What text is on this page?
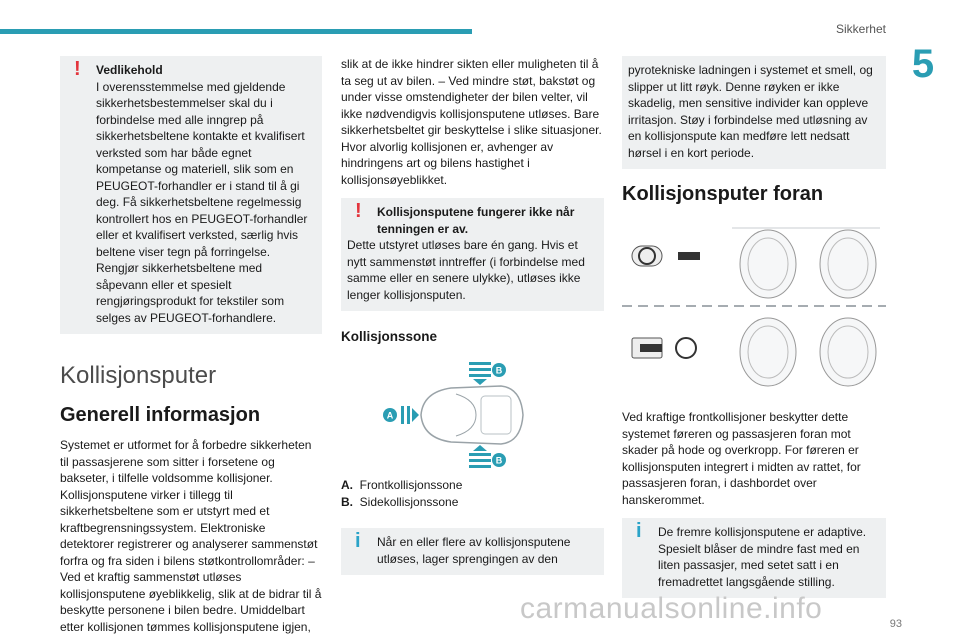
Sikkerhet
5
!	Vedlikehold
I overensstemmelse med gjeldende sikkerhetsbestemmelser skal du i forbindelse med alle inngrep på sikkerhetsbeltene kontakte et kvalifisert verksted som har både egnet kompetanse og materiell, slik som en PEUGEOT-forhandler er i stand til å gi deg. Få sikkerhetsbeltene regelmessig kontrollert hos en PEUGEOT-forhandler eller et kvalifisert verksted, særlig hvis beltene viser tegn på forringelse. Rengjør sikkerhetsbeltene med såpevann eller et spesielt rengjøringsprodukt for tekstiler som selges av PEUGEOT-forhandlere.
Kollisjonsputer
Generell informasjon

Systemet er utformet for å forbedre sikkerheten til passasjerene som sitter i forsetene og bakseter, i tilfelle voldsomme kollisjoner. Kollisjonsputene virker i tillegg til sikkerhetsbeltene som er utstyrt med et kraftbegrensningssystem. Elektroniske detektorer registrerer og analyserer sammenstøt forfra og fra siden i bilens støtkontrollområder: – Ved et kraftig sammenstøt utløses kollisjonsputene øyeblikkelig, slik at de bidrar til å beskytte personene i bilen bedre. Umiddelbart etter kollisjonen tømmes kollisjonsputene igjen,

slik at de ikke hindrer sikten eller muligheten til å ta seg ut av bilen. – Ved mindre støt, bakstøt og under visse omstendigheter der bilen velter, vil ikke nødvendigvis kollisjonsputene utløses. Bare sikkerhetsbeltet gir beskyttelse i slike situasjoner. Hvor alvorlig kollisjonen er, avhenger av hindringens art og bilens hastighet i kollisjonsøyeblikket.

!	Kollisjonsputene fungerer ikke når tenningen er av.
Dette utstyret utløses bare én gang. Hvis et nytt sammenstøt inntreffer (i forbindelse med samme eller en senere ulykke), utløses ikke lenger kollisjonsputen.
Kollisjonssone
B
B
A
A. Frontkollisjonssone
B. Sidekollisjonssone
i	Når en eller flere av kollisjonsputene utløses, lager sprengingen av den
pyrotekniske ladningen i systemet et smell, og slipper ut litt røyk. Denne røyken er ikke skadelig, men sensitive individer kan oppleve irritasjon. Støy i forbindelse med utløsning av en kollisjonspute kan medføre lett nedsatt hørsel i en kort periode.
Kollisjonsputer foran

Ved kraftige frontkollisjoner beskytter dette systemet føreren og passasjeren foran mot skader på hode og overkropp. For føreren er kollisjonsputen integrert i midten av rattet, for passasjeren foran, i dashbordet over hanskerommet.

i	De fremre kollisjonsputene er adaptive. Spesielt blåser de mindre fast med en liten passasjer, med setet satt i en fremadrettet langsgående stilling.
carmanualsonline.info	93
